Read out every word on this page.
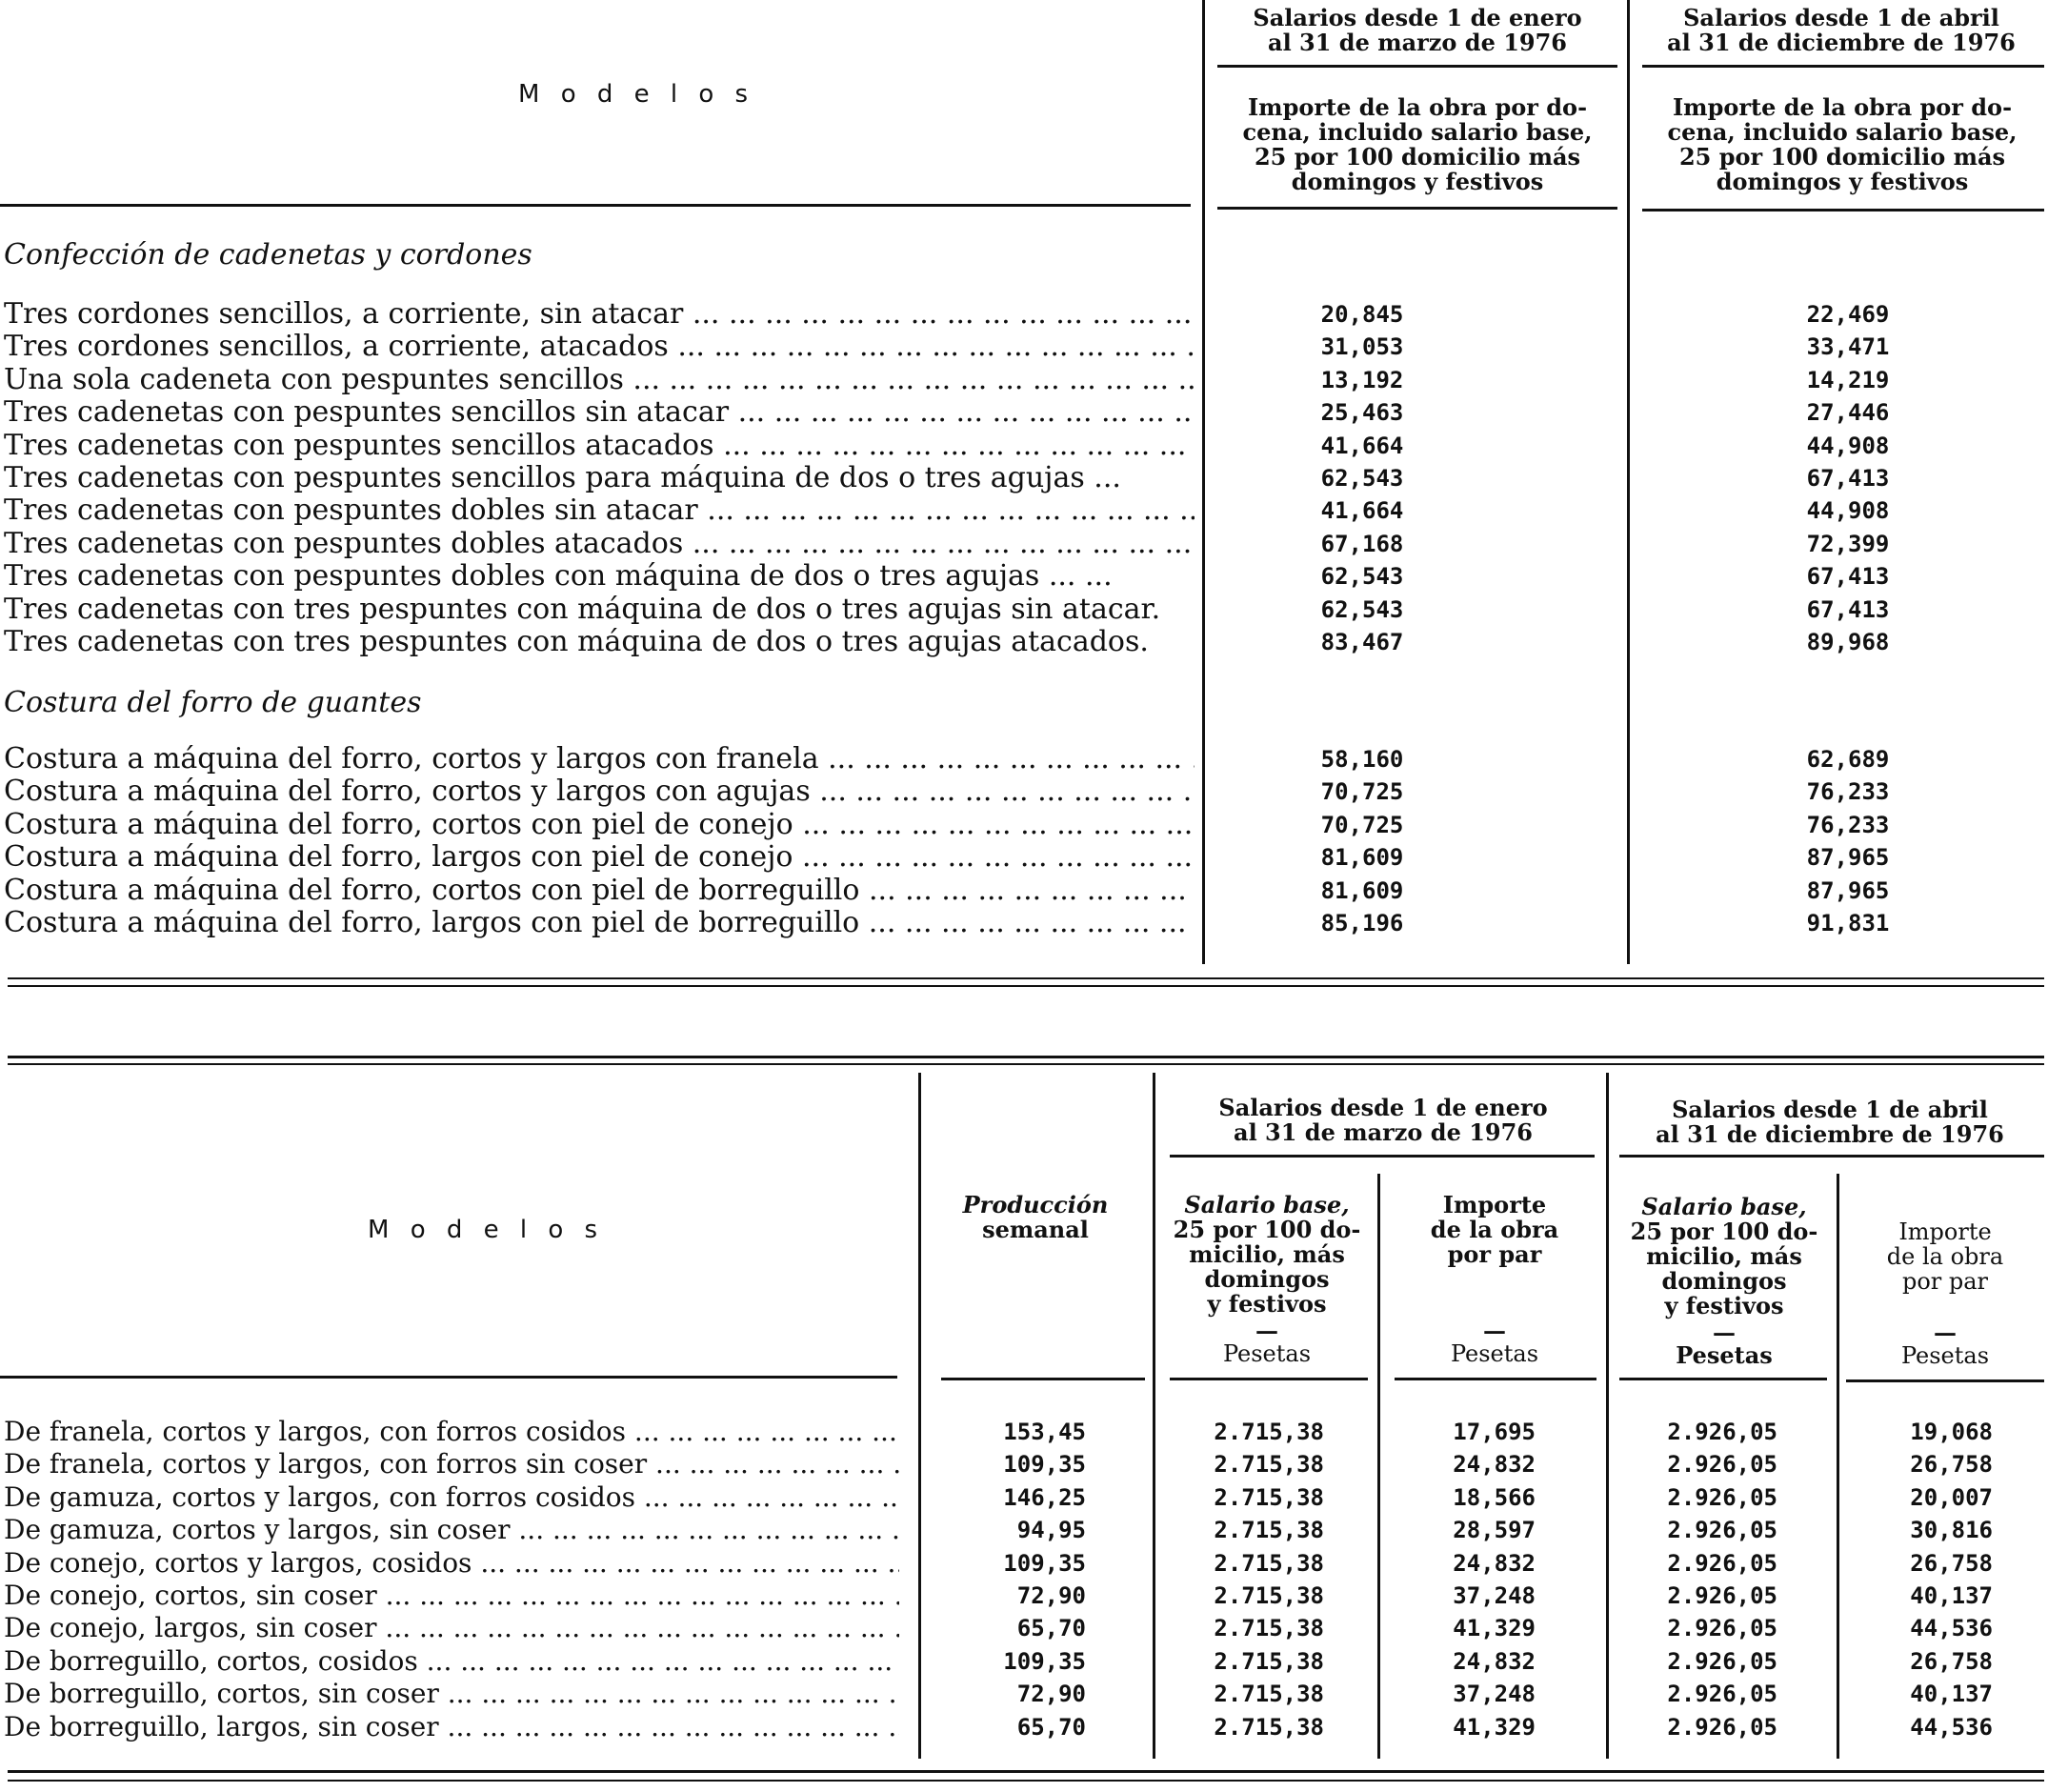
M o d e l o s
Salarios desde 1 de enero
al 31 de marzo de 1976
Salarios desde 1 de abril
al 31 de diciembre de 1976
Importe de la obra por do-
cena, incluido salario base,
25 por 100 domicilio más
domingos y festivos
Importe de la obra por do-
cena, incluido salario base,
25 por 100 domicilio más
domingos y festivos
Confección de cadenetas y cordones
Tres cordones sencillos, a corriente, sin atacar ... .	20,845	22,469
Tres cordones sencillos, a corriente, atacados ... .	31,053	33,471
Una sola cadeneta con pespuntes sencillos ... .	13,192	14,219
Tres cadenetas con pespuntes sencillos sin atacar ... .	25,463	27,446
Tres cadenetas con pespuntes sencillos atacados ... .	41,664	44,908
Tres cadenetas con pespuntes sencillos para máquina de dos o tres agujas ...	62,543	67,413
Tres cadenetas con pespuntes dobles sin atacar ... .	41,664	44,908
Tres cadenetas con pespuntes dobles atacados ... .	67,168	72,399
Tres cadenetas con pespuntes dobles con máquina de dos o tres agujas ... ...	62,543	67,413
Tres cadenetas con tres pespuntes con máquina de dos o tres agujas sin atacar.	62,543	67,413
Tres cadenetas con tres pespuntes con máquina de dos o tres agujas atacados.	83,467	89,968
Costura del forro de guantes
Costura a máquina del forro, cortos y largos con franela ... .	58,160	62,689
Costura a máquina del forro, cortos y largos con agujas ... .	70,725	76,233
Costura a máquina del forro, cortos con piel de conejo ... .	70,725	76,233
Costura a máquina del forro, largos con piel de conejo ... .	81,609	87,965
Costura a máquina del forro, cortos con piel de borreguillo ... .	81,609	87,965
Costura a máquina del forro, largos con piel de borreguillo ... .	85,196	91,831
M o d e l o s
Producción
semanal
Salarios desde 1 de enero
al 31 de marzo de 1976
Salarios desde 1 de abril
al 31 de diciembre de 1976
Salario base,
25 por 100 do-
micilio, más
domingos
y festivos
—
Pesetas
Importe
de la obra
por par
—
Pesetas
Salario base,
25 por 100 do-
micilio, más
domingos
y festivos
—
Pesetas
Importe
de la obra
por par
—
Pesetas
De franela, cortos y largos, con forros cosidos ... .	153,45	2.715,38	17,695	2.926,05	19,068
De franela, cortos y largos, con forros sin coser ... .	109,35	2.715,38	24,832	2.926,05	26,758
De gamuza, cortos y largos, con forros cosidos ... .	146,25	2.715,38	18,566	2.926,05	20,007
De gamuza, cortos y largos, sin coser ... .	94,95	2.715,38	28,597	2.926,05	30,816
De conejo, cortos y largos, cosidos ... .	109,35	2.715,38	24,832	2.926,05	26,758
De conejo, cortos, sin coser ... .	72,90	2.715,38	37,248	2.926,05	40,137
De conejo, largos, sin coser ... .	65,70	2.715,38	41,329	2.926,05	44,536
De borreguillo, cortos, cosidos ... .	109,35	2.715,38	24,832	2.926,05	26,758
De borreguillo, cortos, sin coser ... .	72,90	2.715,38	37,248	2.926,05	40,137
De borreguillo, largos, sin coser ... .	65,70	2.715,38	41,329	2.926,05	44,536
